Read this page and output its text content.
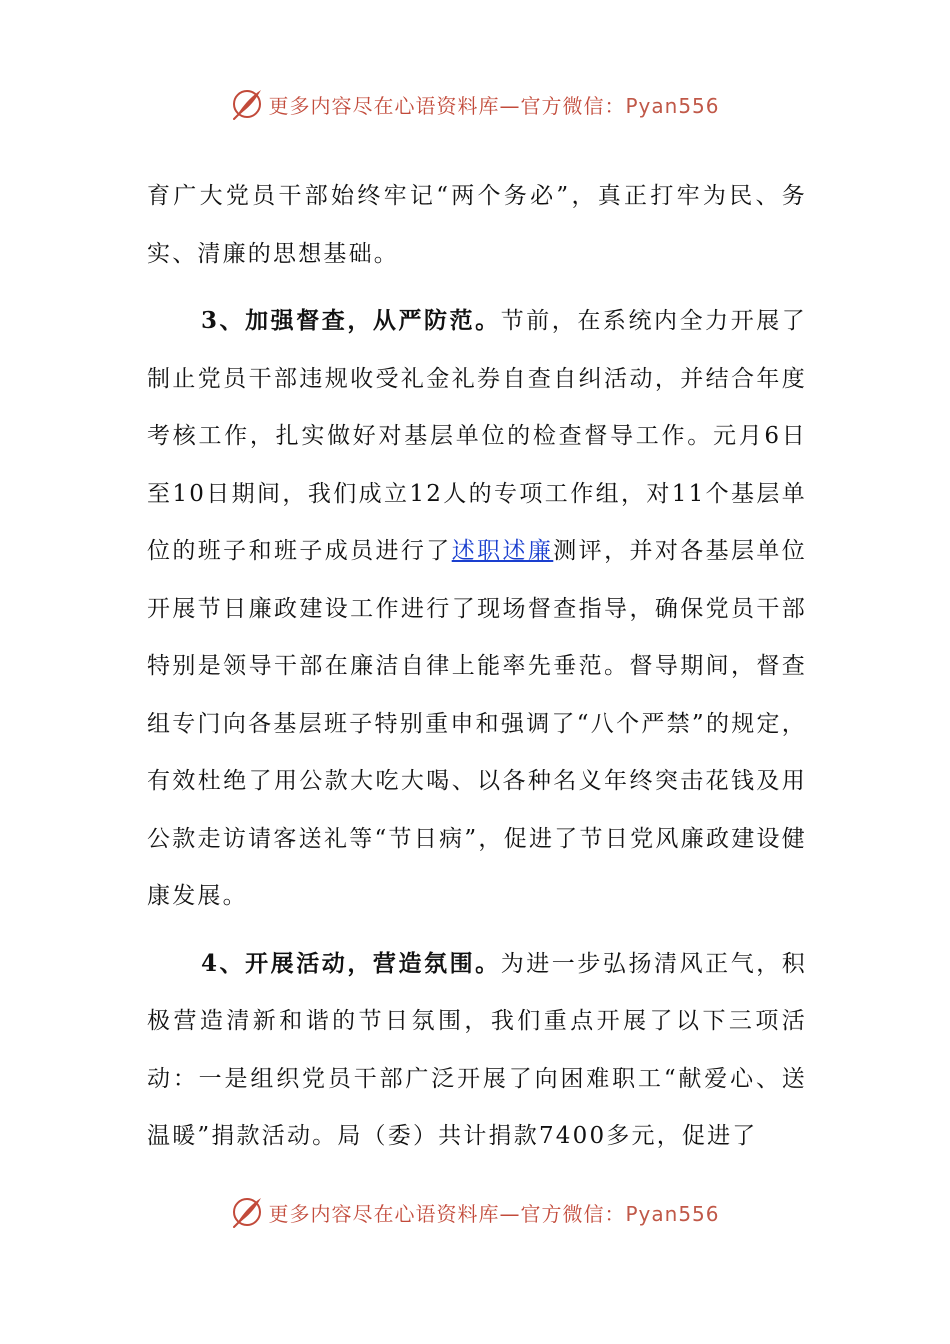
更多内容尽在心语资料库—官方微信：Pyan556

育广大党员干部始终牢记“两个务必”，真正打牢为民、务实、清廉的思想基础。

3、加强督查，从严防范。节前，在系统内全力开展了制止党员干部违规收受礼金礼券自查自纠活动，并结合年度考核工作，扎实做好对基层单位的检查督导工作。元月6日至10日期间，我们成立12人的专项工作组，对11个基层单位的班子和班子成员进行了述职述廉测评，并对各基层单位开展节日廉政建设工作进行了现场督查指导，确保党员干部特别是领导干部在廉洁自律上能率先垂范。督导期间，督查组专门向各基层班子特别重申和强调了“八个严禁”的规定，有效杜绝了用公款大吃大喝、以各种名义年终突击花钱及用公款走访请客送礼等“节日病”，促进了节日党风廉政建设健康发展。

4、开展活动，营造氛围。为进一步弘扬清风正气，积极营造清新和谐的节日氛围，我们重点开展了以下三项活动：一是组织党员干部广泛开展了向困难职工“献爱心、送温暖”捐款活动。局（委）共计捐款7400多元，促进了

更多内容尽在心语资料库—官方微信：Pyan556
